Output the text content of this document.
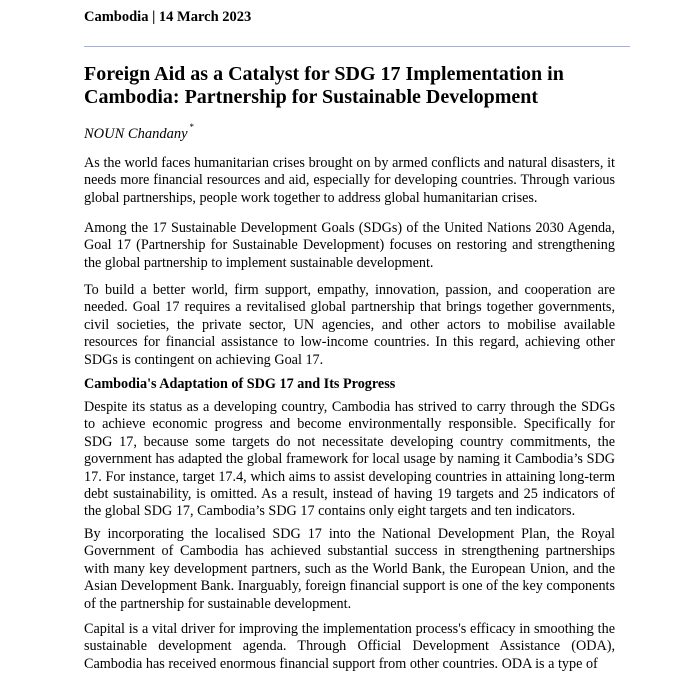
Cambodia | 14 March 2023
Foreign Aid as a Catalyst for SDG 17 Implementation in Cambodia: Partnership for Sustainable Development
NOUN Chandany *

As the world faces humanitarian crises brought on by armed conflicts and natural disasters, it needs more financial resources and aid, especially for developing countries. Through various global partnerships, people work together to address global humanitarian crises.

Among the 17 Sustainable Development Goals (SDGs) of the United Nations 2030 Agenda, Goal 17 (Partnership for Sustainable Development) focuses on restoring and strengthening the global partnership to implement sustainable development.

To build a better world, firm support, empathy, innovation, passion, and cooperation are needed. Goal 17 requires a revitalised global partnership that brings together governments, civil societies, the private sector, UN agencies, and other actors to mobilise available resources for financial assistance to low-income countries. In this regard, achieving other SDGs is contingent on achieving Goal 17.

Cambodia's Adaptation of SDG 17 and Its Progress

Despite its status as a developing country, Cambodia has strived to carry through the SDGs to achieve economic progress and become environmentally responsible. Specifically for SDG 17, because some targets do not necessitate developing country commitments, the government has adapted the global framework for local usage by naming it Cambodia’s SDG 17. For instance, target 17.4, which aims to assist developing countries in attaining long-term debt sustainability, is omitted. As a result, instead of having 19 targets and 25 indicators of the global SDG 17, Cambodia’s SDG 17 contains only eight targets and ten indicators.

By incorporating the localised SDG 17 into the National Development Plan, the Royal Government of Cambodia has achieved substantial success in strengthening partnerships with many key development partners, such as the World Bank, the European Union, and the Asian Development Bank. Inarguably, foreign financial support is one of the key components of the partnership for sustainable development.

Capital is a vital driver for improving the implementation process's efficacy in smoothing the sustainable development agenda. Through Official Development Assistance (ODA), Cambodia has received enormous financial support from other countries. ODA is a type of
